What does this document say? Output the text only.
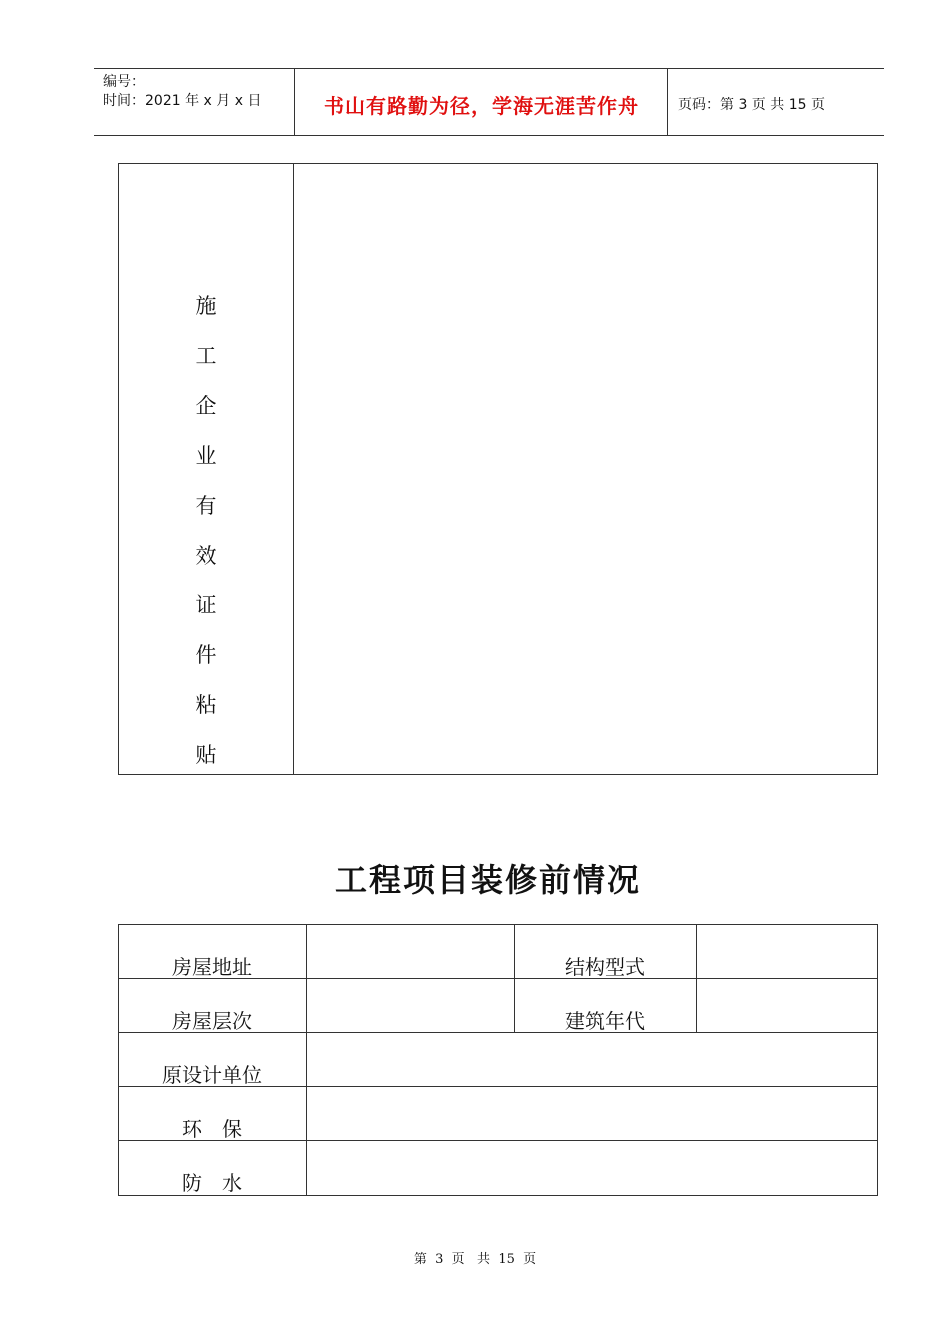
编号：
时间：2021 年 x 月 x 日	书山有路勤为径，学海无涯苦作舟	页码：第 3 页 共 15 页
施
工
企
业
有
效
证
件
粘
贴
工程项目装修前情况
房屋地址	结构型式
房屋层次	建筑年代
原设计单位
环　保
防　水
第  3  页   共  15  页
